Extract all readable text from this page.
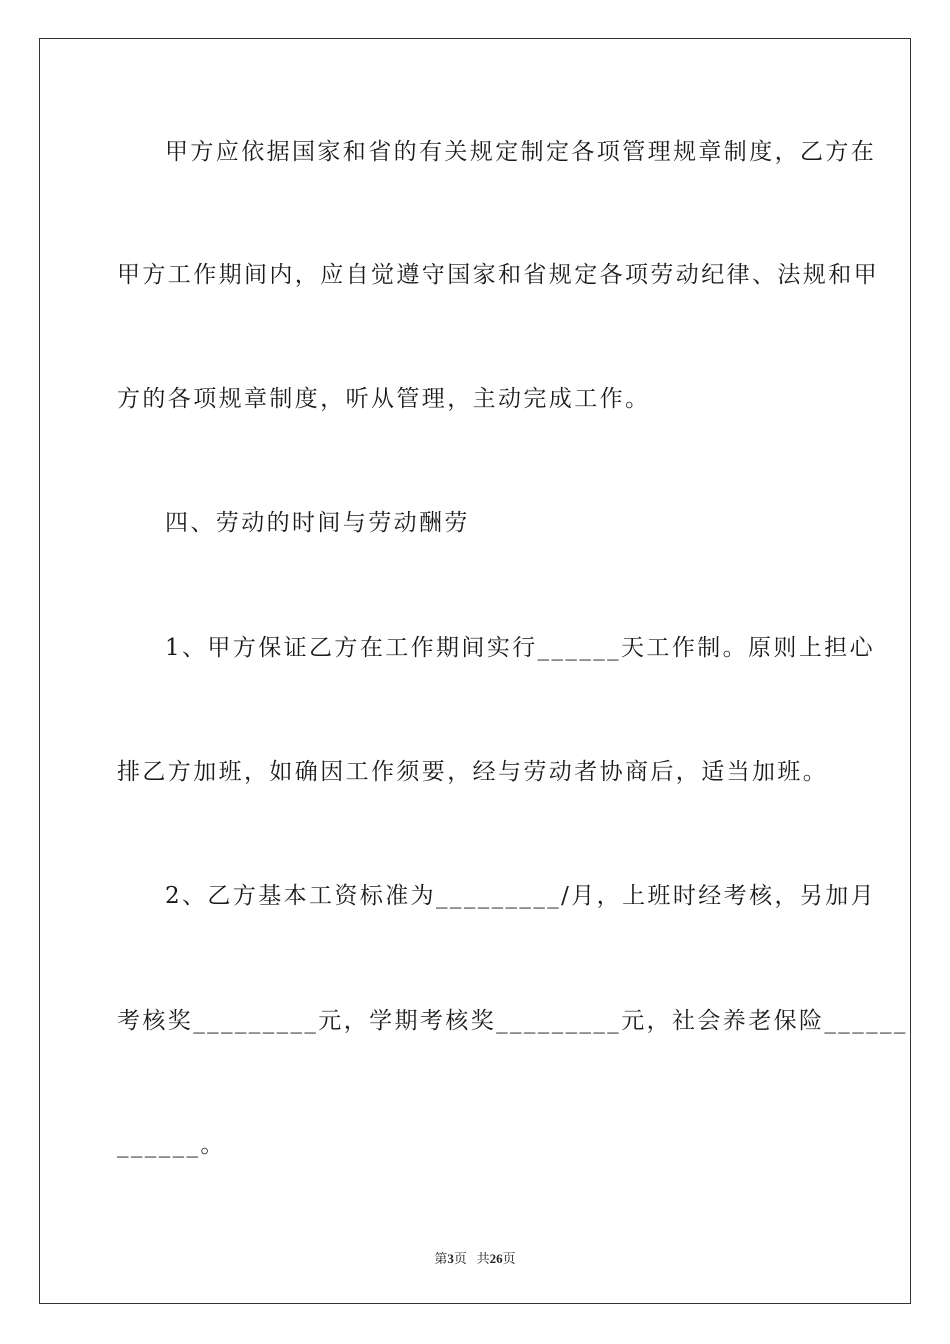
甲方应依据国家和省的有关规定制定各项管理规章制度，乙方在
甲方工作期间内，应自觉遵守国家和省规定各项劳动纪律、法规和甲
方的各项规章制度，听从管理，主动完成工作。
四、劳动的时间与劳动酬劳
1、甲方保证乙方在工作期间实行______天工作制。原则上担心
排乙方加班，如确因工作须要，经与劳动者协商后，适当加班。
2、乙方基本工资标准为_________/月，上班时经考核，另加月
考核奖_________元，学期考核奖_________元，社会养老保险______
______。
第3页 共26页
